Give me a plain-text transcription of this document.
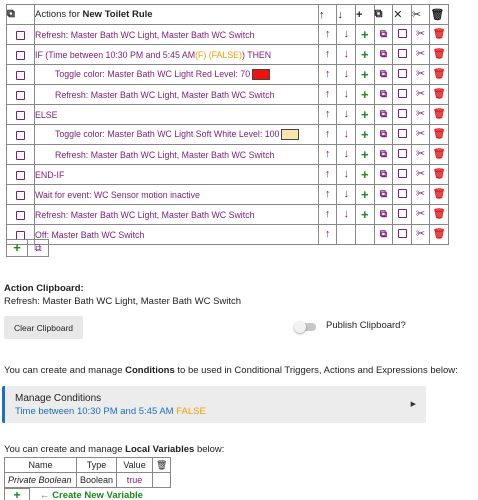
⧉	Actions for New Toilet Rule	↑	↓	+	⧉	✕	✂	🗑
	Refresh: Master Bath WC Light, Master Bath WC Switch	↑	↓	+	⧉		✂	🗑
	IF (Time between 10:30 PM and 5:45 AM(F) (FALSE)) THEN	↑	↓	+	⧉		✂	🗑
	Toggle color: Master Bath WC Light Red Level: 70	↑	↓	+	⧉		✂	🗑
	Refresh: Master Bath WC Light, Master Bath WC Switch	↑	↓	+	⧉		✂	🗑
	ELSE	↑	↓	+	⧉		✂	🗑
	Toggle color: Master Bath WC Light Soft White Level: 100	↑	↓	+	⧉		✂	🗑
	Refresh: Master Bath WC Light, Master Bath WC Switch	↑	↓	+	⧉		✂	🗑
	END-IF	↑	↓	+	⧉		✂	🗑
	Wait for event: WC Sensor motion inactive	↑	↓	+	⧉		✂	🗑
	Refresh: Master Bath WC Light, Master Bath WC Switch	↑	↓	+	⧉		✂	🗑
	Off: Master Bath WC Switch	↑			⧉		✂	🗑
+	⧉
Action Clipboard:
Refresh: Master Bath WC Light, Master Bath WC Switch
Clear Clipboard	Publish Clipboard?
You can create and manage Conditions to be used in Conditional Triggers, Actions and Expressions below:
Manage Conditions
Time between 10:30 PM and 5:45 AM FALSE
▶
You can create and manage Local Variables below:
Name	Type	Value	🗑
Private Boolean	Boolean	true	
+	← Create New Variable
